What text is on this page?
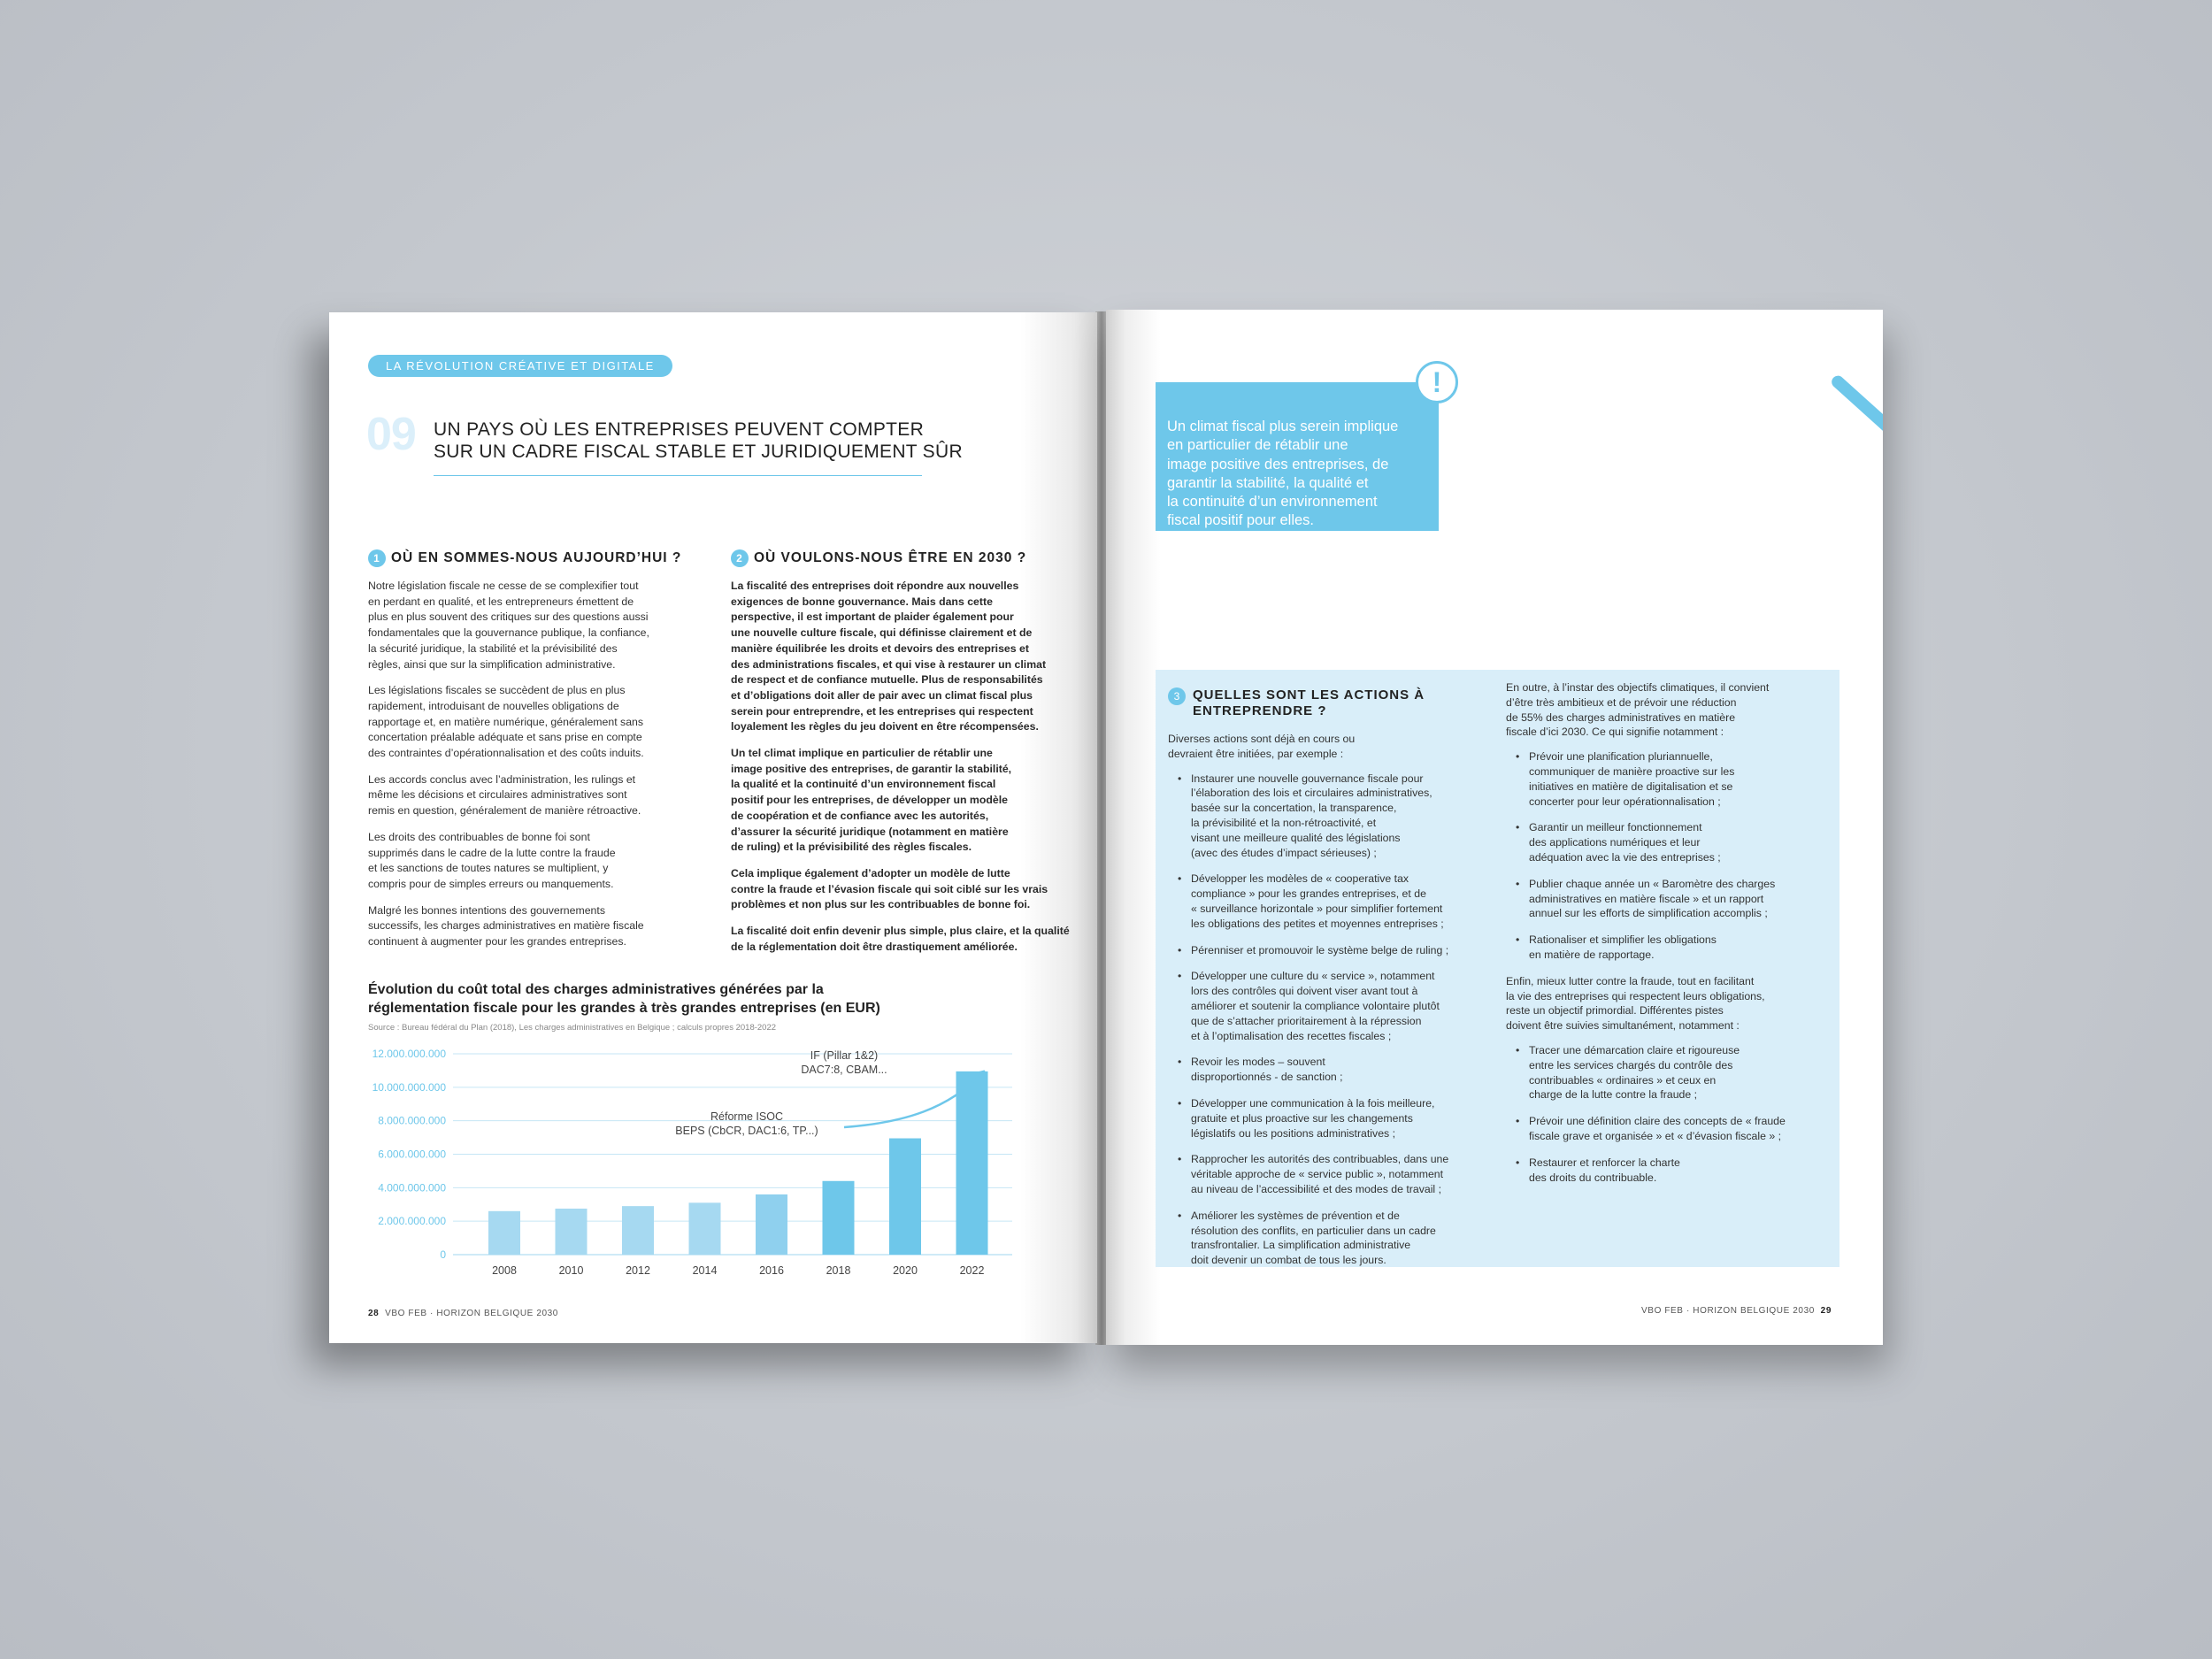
LA RÉVOLUTION CRÉATIVE ET DIGITALE
09 UN PAYS OÙ LES ENTREPRISES PEUVENT COMPTER
SUR UN CADRE FISCAL STABLE ET JURIDIQUEMENT SÛR
1 OÙ EN SOMMES-NOUS AUJOURD’HUI ?

Notre législation fiscale ne cesse de se complexifier tout
en perdant en qualité, et les entrepreneurs émettent de
plus en plus souvent des critiques sur des questions aussi
fondamentales que la gouvernance publique, la confiance,
la sécurité juridique, la stabilité et la prévisibilité des
règles, ainsi que sur la simplification administrative.

Les législations fiscales se succèdent de plus en plus
rapidement, introduisant de nouvelles obligations de
rapportage et, en matière numérique, généralement sans
concertation préalable adéquate et sans prise en compte
des contraintes d’opérationnalisation et des coûts induits.

Les accords conclus avec l’administration, les rulings et
même les décisions et circulaires administratives sont
remis en question, généralement de manière rétroactive.

Les droits des contribuables de bonne foi sont
supprimés dans le cadre de la lutte contre la fraude
et les sanctions de toutes natures se multiplient, y
compris pour de simples erreurs ou manquements.

Malgré les bonnes intentions des gouvernements
successifs, les charges administratives en matière fiscale
continuent à augmenter pour les grandes entreprises.

2 OÙ VOULONS-NOUS ÊTRE EN 2030 ?

La fiscalité des entreprises doit répondre aux nouvelles
exigences de bonne gouvernance. Mais dans cette
perspective, il est important de plaider également pour
une nouvelle culture fiscale, qui définisse clairement et de
manière équilibrée les droits et devoirs des entreprises et
des administrations fiscales, et qui vise à restaurer un climat
de respect et de confiance mutuelle. Plus de responsabilités
et d’obligations doit aller de pair avec un climat fiscal plus
serein pour entreprendre, et les entreprises qui respectent
loyalement les règles du jeu doivent en être récompensées.

Un tel climat implique en particulier de rétablir une
image positive des entreprises, de garantir la stabilité,
la qualité et la continuité d’un environnement fiscal
positif pour les entreprises, de développer un modèle
de coopération et de confiance avec les autorités,
d’assurer la sécurité juridique (notamment en matière
de ruling) et la prévisibilité des règles fiscales.

Cela implique également d’adopter un modèle de lutte
contre la fraude et l’évasion fiscale qui soit ciblé sur les vrais
problèmes et non plus sur les contribuables de bonne foi.

La fiscalité doit enfin devenir plus simple, plus claire, et la qualité
de la réglementation doit être drastiquement améliorée.

Évolution du coût total des charges administratives générées par la
réglementation fiscale pour les grandes à très grandes entreprises (en EUR)
Source : Bureau fédéral du Plan (2018), Les charges administratives en Belgique ; calculs propres 2018-2022
0
2.000.000.000
4.000.000.000
6.000.000.000
8.000.000.000
10.000.000.000
12.000.000.000
2008	2010	2012	2014	2016	2018	2020	2022
Réforme ISOC BEPS (CbCR, DAC1:6, TP...)
IF (Pillar 1&2) DAC7:8, CBAM...
28 VBO FEB · HORIZON BELGIQUE 2030
Un climat fiscal plus serein implique
en particulier de rétablir une
image positive des entreprises, de
garantir la stabilité, la qualité et
la continuité d’un environnement
fiscal positif pour elles.
!
3 QUELLES SONT LES ACTIONS À
ENTREPRENDRE ?

Diverses actions sont déjà en cours ou
devraient être initiées, par exemple :

• Instaurer une nouvelle gouvernance fiscale pour
l’élaboration des lois et circulaires administratives,
basée sur la concertation, la transparence,
la prévisibilité et la non-rétroactivité, et
visant une meilleure qualité des législations
(avec des études d’impact sérieuses) ;
• Développer les modèles de « cooperative tax
compliance » pour les grandes entreprises, et de
« surveillance horizontale » pour simplifier fortement
les obligations des petites et moyennes entreprises ;
• Pérenniser et promouvoir le système belge de ruling ;
• Développer une culture du « service », notamment
lors des contrôles qui doivent viser avant tout à
améliorer et soutenir la compliance volontaire plutôt
que de s’attacher prioritairement à la répression
et à l’optimalisation des recettes fiscales ;
• Revoir les modes – souvent
disproportionnés - de sanction ;
• Développer une communication à la fois meilleure,
gratuite et plus proactive sur les changements
législatifs ou les positions administratives ;
• Rapprocher les autorités des contribuables, dans une
véritable approche de « service public », notamment
au niveau de l’accessibilité et des modes de travail ;
• Améliorer les systèmes de prévention et de
résolution des conflits, en particulier dans un cadre
transfrontalier. La simplification administrative
doit devenir un combat de tous les jours.

En outre, à l’instar des objectifs climatiques, il convient
d’être très ambitieux et de prévoir une réduction
de 55% des charges administratives en matière
fiscale d’ici 2030. Ce qui signifie notamment :

• Prévoir une planification pluriannuelle,
communiquer de manière proactive sur les
initiatives en matière de digitalisation et se
concerter pour leur opérationnalisation ;
• Garantir un meilleur fonctionnement
des applications numériques et leur
adéquation avec la vie des entreprises ;
• Publier chaque année un « Baromètre des charges
administratives en matière fiscale » et un rapport
annuel sur les efforts de simplification accomplis ;
• Rationaliser et simplifier les obligations
en matière de rapportage.

Enfin, mieux lutter contre la fraude, tout en facilitant
la vie des entreprises qui respectent leurs obligations,
reste un objectif primordial. Différentes pistes
doivent être suivies simultanément, notamment :

• Tracer une démarcation claire et rigoureuse
entre les services chargés du contrôle des
contribuables « ordinaires » et ceux en
charge de la lutte contre la fraude ;
• Prévoir une définition claire des concepts de « fraude
fiscale grave et organisée » et « d’évasion fiscale » ;
• Restaurer et renforcer la charte
des droits du contribuable.
VBO FEB · HORIZON BELGIQUE 2030 29
